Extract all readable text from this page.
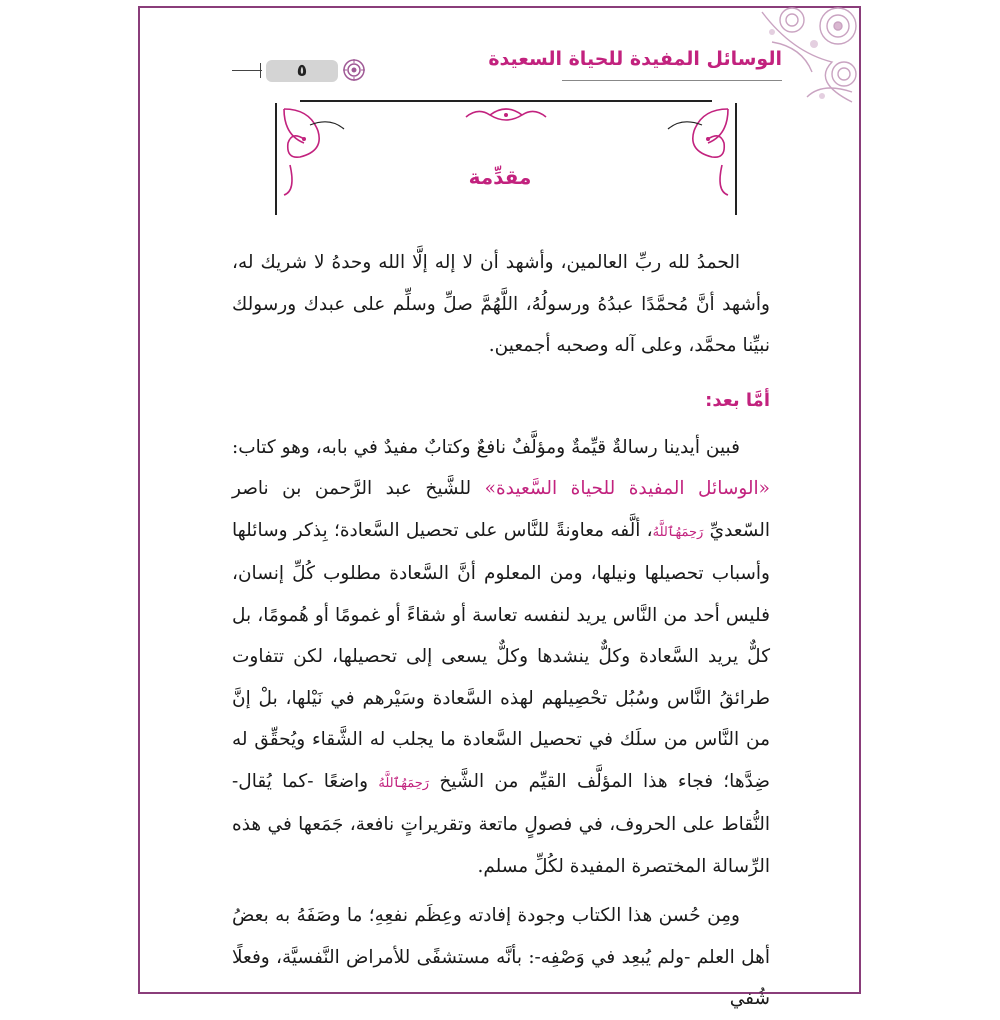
الوسائل المفيدة للحياة السعيدة
٥
مقدِّمة

الحمدُ لله ربِّ العالمين، وأشهد أن لا إله إلَّا الله وحدهُ لا شريك له، وأشهد أنَّ مُحمَّدًا عبدُهُ ورسولُهُ، اللَّهُمَّ صلِّ وسلِّم على عبدك ورسولك نبيِّنا محمَّد، وعلى آله وصحبه أجمعين.

أمَّا بعد:

فبين أيدينا رسالةٌ قيِّمةٌ ومؤلَّفٌ نافعٌ وكتابٌ مفيدٌ في بابه، وهو كتاب: «الوسائل المفيدة للحياة السَّعيدة» للشَّيخ عبد الرَّحمن بن ناصر السّعديِّ رَحِمَهُٱللَّهُ، ألَّفه معاونةً للنَّاس على تحصيل السَّعادة؛ بِذكر وسائلها وأسباب تحصيلها ونيلها، ومن المعلوم أنَّ السَّعادة مطلوب كُلِّ إنسان، فليس أحد من النَّاس يريد لنفسه تعاسة أو شقاءً أو غمومًا أو هُمومًا، بل كلٌّ يريد السَّعادة وكلٌّ ينشدها وكلٌّ يسعى إلى تحصيلها، لكن تتفاوت طرائقُ النَّاس وسُبُل تحْصِيلهم لهذه السَّعادة وسَيْرهم في نَيْلها، بلْ إنَّ من النَّاس من سلَك في تحصيل السَّعادة ما يجلب له الشَّقاء ويُحقِّق له ضِدَّها؛ فجاء هذا المؤلَّف القيِّم من الشَّيخ رَحِمَهُٱللَّهُ واضعًا -كما يُقال- النُّقاط على الحروف، في فصولٍ ماتعة وتقريراتٍ نافعة، جَمَعها في هذه الرِّسالة المختصرة المفيدة لكُلِّ مسلم.

ومِن حُسن هذا الكتاب وجودة إفادته وعِظَم نفعِهِ؛ ما وصَفَهُ به بعضُ أهل العلم -ولم يُبعِد في وَصْفِه-: بأنَّه مستشفًى للأمراض النَّفسيَّة، وفعلًا شُفي
